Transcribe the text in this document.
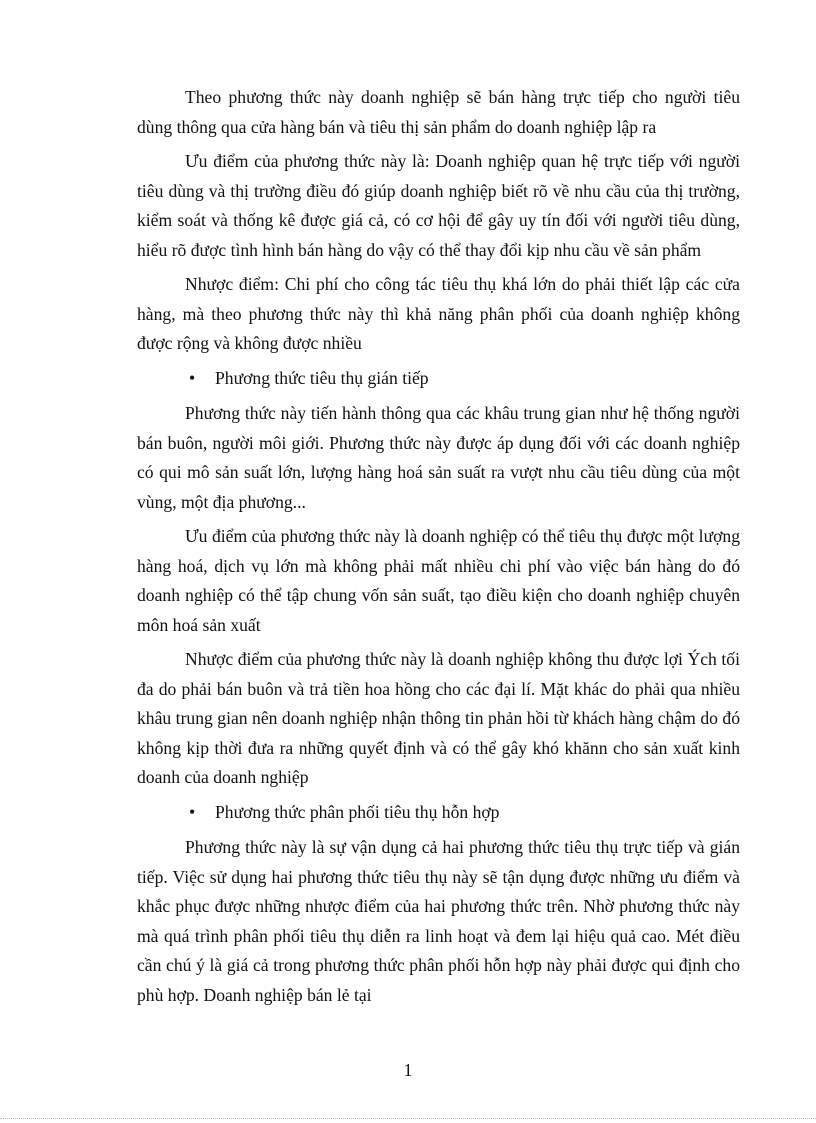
Theo phương thức này doanh nghiệp sẽ bán hàng trực tiếp cho người tiêu dùng thông qua cửa hàng bán và tiêu thị sản phẩm do doanh nghiệp lập ra

Ưu điểm của phương thức này là: Doanh nghiệp quan hệ trực tiếp với người tiêu dùng và thị trường điều đó giúp doanh nghiệp biết rõ về nhu cầu của thị trường, kiểm soát và thống kê được giá cả, có cơ hội để gây uy tín đối với người tiêu dùng, hiểu rõ được tình hình bán hàng do vậy có thể thay đổi kịp nhu cầu về sản phẩm

Nhược điểm: Chi phí cho công tác tiêu thụ khá lớn do phải thiết lập các cửa hàng, mà theo phương thức này thì khả năng phân phối của doanh nghiệp không được rộng và không được nhiều

•	Phương thức tiêu thụ gián tiếp

Phương thức này tiến hành thông qua các khâu trung gian như hệ thống người bán buôn, người môi giới. Phương thức này được áp dụng đối với các doanh nghiệp có qui mô sản suất lớn, lượng hàng hoá sản suất ra vượt nhu cầu tiêu dùng của một vùng, một địa phương...

Ưu điểm của phương thức này là doanh nghiệp có thể tiêu thụ được một lượng hàng hoá, dịch vụ lớn mà không phải mất nhiều chi phí vào việc bán hàng do đó doanh nghiệp có thể tập chung vốn sản suất, tạo điều kiện cho doanh nghiệp chuyên môn hoá sản xuất

Nhược điểm của phương thức này là doanh nghiệp không thu được lợi Ých tối đa do phải bán buôn và trả tiền hoa hồng cho các đại lí. Mặt khác do phải qua nhiều khâu trung gian nên doanh nghiệp nhận thông tin phản hồi từ khách hàng chậm do đó không kịp thời đưa ra những quyết định và có thể gây khó khănn cho sản xuất kinh doanh của doanh nghiệp

•	Phương thức phân phối tiêu thụ hỗn hợp

Phương thức này là sự vận dụng cả hai phương thức tiêu thụ trực tiếp và gián tiếp. Việc sử dụng hai phương thức tiêu thụ này sẽ tận dụng được những ưu điểm và khắc phục được những nhược điểm của hai phương thức trên. Nhờ phương thức này mà quá trình phân phối tiêu thụ diễn ra linh hoạt và đem lại hiệu quả cao. Mét điều cần chú ý là giá cả trong phương thức phân phối hỗn hợp này phải được qui định cho phù hợp. Doanh nghiệp bán lẻ tại

1
